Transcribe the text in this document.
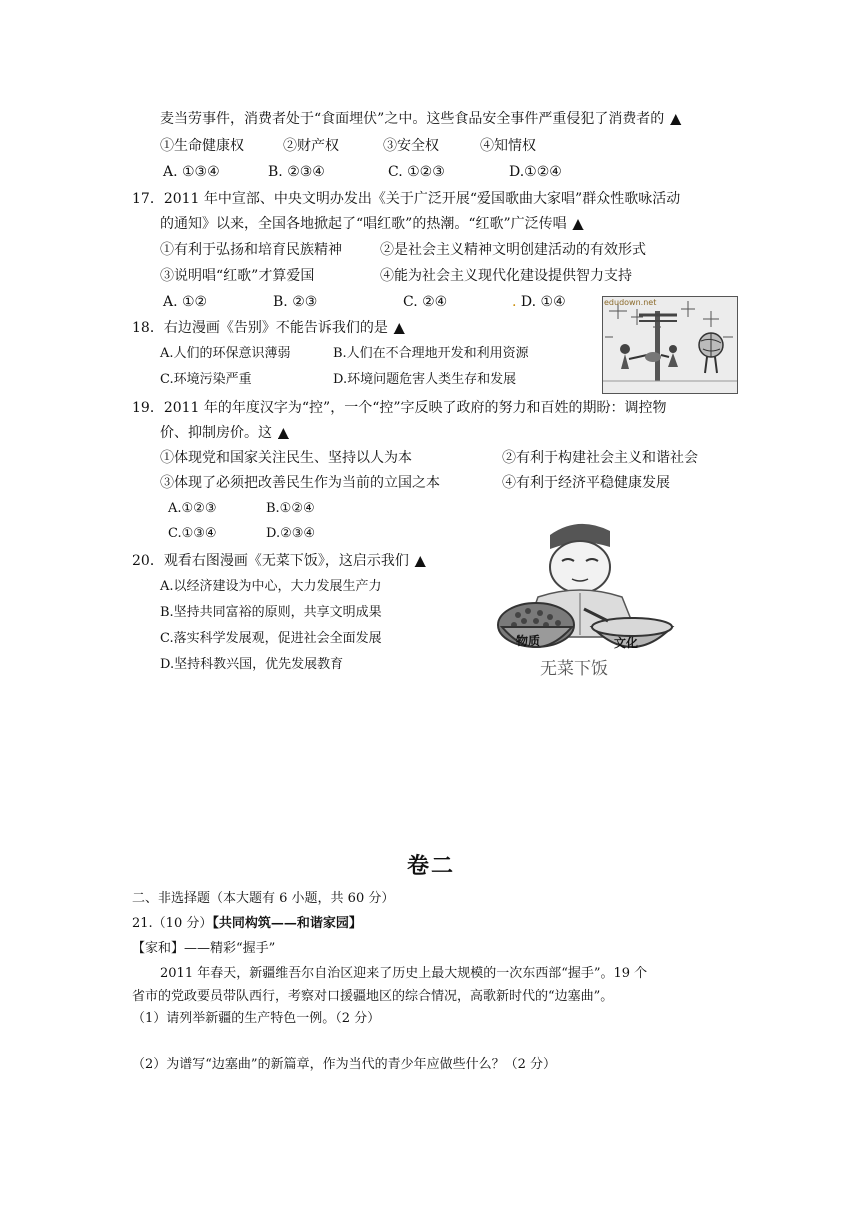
麦当劳事件，消费者处于“食面埋伏”之中。这些食品安全事件严重侵犯了消费者的 ▲
①生命健康权	②财产权	③安全权	④知情权
A. ①③④	B. ②③④	C. ①②③	D.①②④
17．2011 年中宣部、中央文明办发出《关于广泛开展“爱国歌曲大家唱”群众性歌咏活动
的通知》以来，全国各地掀起了“唱红歌”的热潮。“红歌”广泛传唱 ▲
①有利于弘扬和培育民族精神	②是社会主义精神文明创建活动的有效形式
③说明唱“红歌”才算爱国	④能为社会主义现代化建设提供智力支持
A. ①②	B. ②③	C. ②④	. D. ①④
18．右边漫画《告别》不能告诉我们的是 ▲
A.人们的环保意识薄弱	B.人们在不合理地开发和利用资源
C.环境污染严重	D.环境问题危害人类生存和发展
edudown.net
19．2011 年的年度汉字为“控”，一个“控”字反映了政府的努力和百姓的期盼：调控物
价、抑制房价。这 ▲
①体现党和国家关注民生、坚持以人为本	②有利于构建社会主义和谐社会
③体现了必须把改善民生作为当前的立国之本	④有利于经济平稳健康发展
A.①②③	B.①②④
C.①③④	D.②③④
20．观看右图漫画《无菜下饭》，这启示我们 ▲
A.以经济建设为中心，大力发展生产力
B.坚持共同富裕的原则，共享文明成果
C.落实科学发展观，促进社会全面发展
D.坚持科教兴国，优先发展教育
物质	文化
无菜下饭
卷二
二、非选择题（本大题有 6 小题，共 60 分）
21.（10 分）【共同构筑——和谐家园】
【家和】——精彩“握手”
2011 年春天，新疆维吾尔自治区迎来了历史上最大规模的一次东西部“握手”。19 个
省市的党政要员带队西行，考察对口援疆地区的综合情况，高歌新时代的“边塞曲”。
（1）请列举新疆的生产特色一例。（2 分）
（2）为谱写“边塞曲”的新篇章，作为当代的青少年应做些什么？（2 分）
